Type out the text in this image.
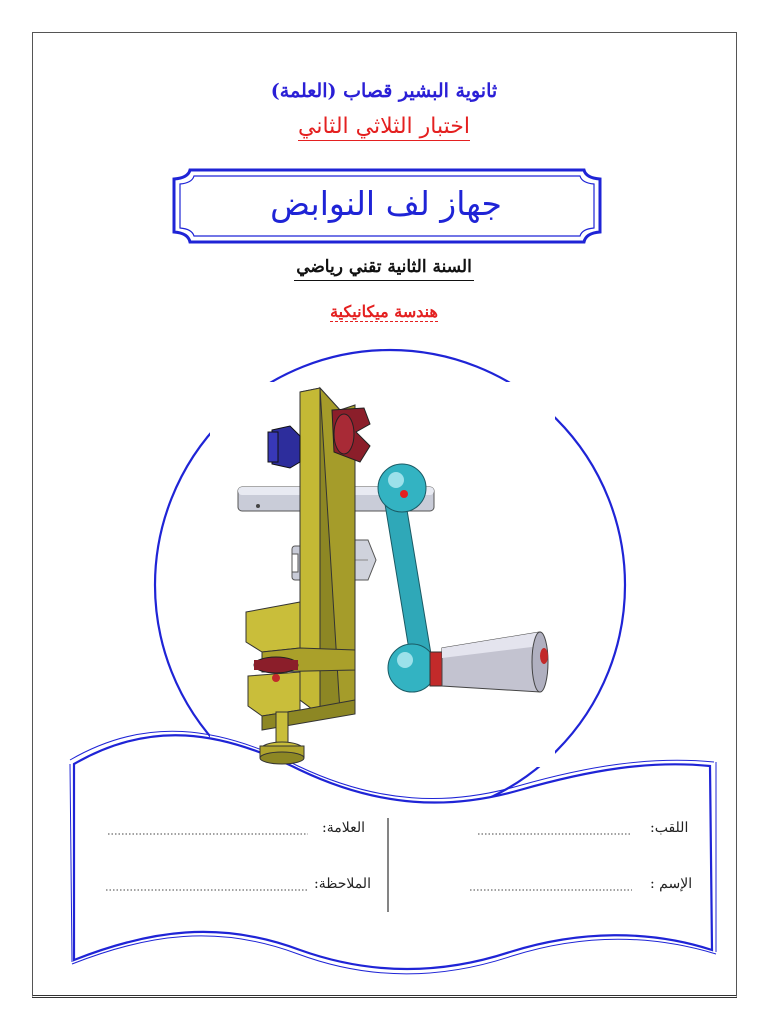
ثانوية البشير قصاب (العلمة)
اختبار الثلاثي الثاني
جهاز لف النوابض
السنة الثانية تقني رياضي
هندسة ميكانيكية
اللقب:
الإسم :
العلامة:
الملاحظة:
